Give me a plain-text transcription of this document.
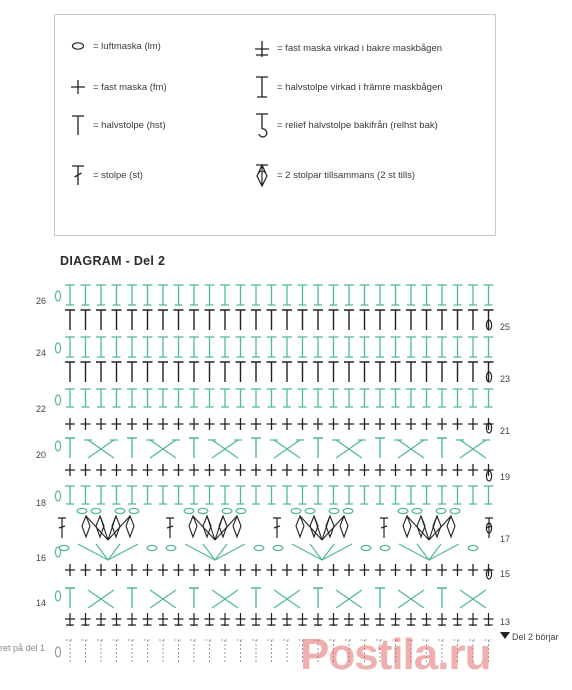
= luftmaska (lm)
= fast maska (fm)
= halvstolpe (hst)
= stolpe (st)
= fast maska virkad i bakre maskbågen
= halvstolpe virkad i främre maskbågen
= relief halvstolpe bakifrån (relhst bak)
= 2 stolpar tillsammans (2 st tills)
DIAGRAM - Del 2
26
24
22
20
18
16
14
25
23
21
19
17
15
13
ret på del 1
Del 2 börjar
Postila.ru
